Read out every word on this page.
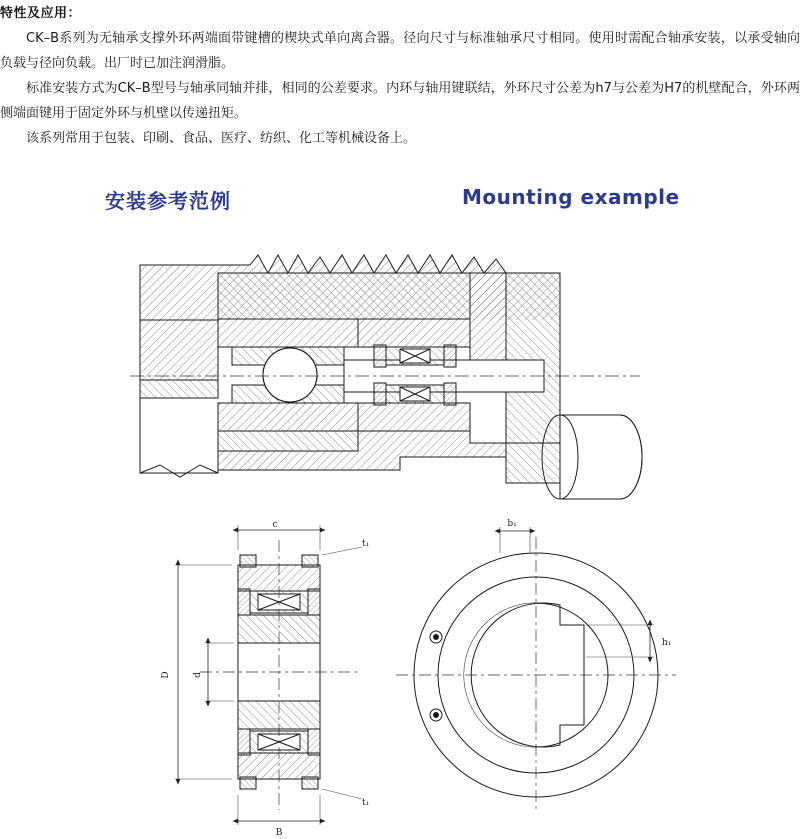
特性及应用：
CK–B系列为无轴承支撑外环两端面带键槽的楔块式单向离合器。径向尺寸与标准轴承尺寸相同。使用时需配合轴承安装，以承受轴向负载与径向负载。出厂时已加注润滑脂。
标准安装方式为CK–B型号与轴承同轴并排，相同的公差要求。内环与轴用键联结，外环尺寸公差为h7与公差为H7的机壁配合，外环两侧端面键用于固定外环与机壁以传递扭矩。
该系列常用于包装、印刷、食品、医疗、纺织、化工等机械设备上。
安装参考范例	Mounting example
c
t₁
D d
B
t₁
b₁
h₁
